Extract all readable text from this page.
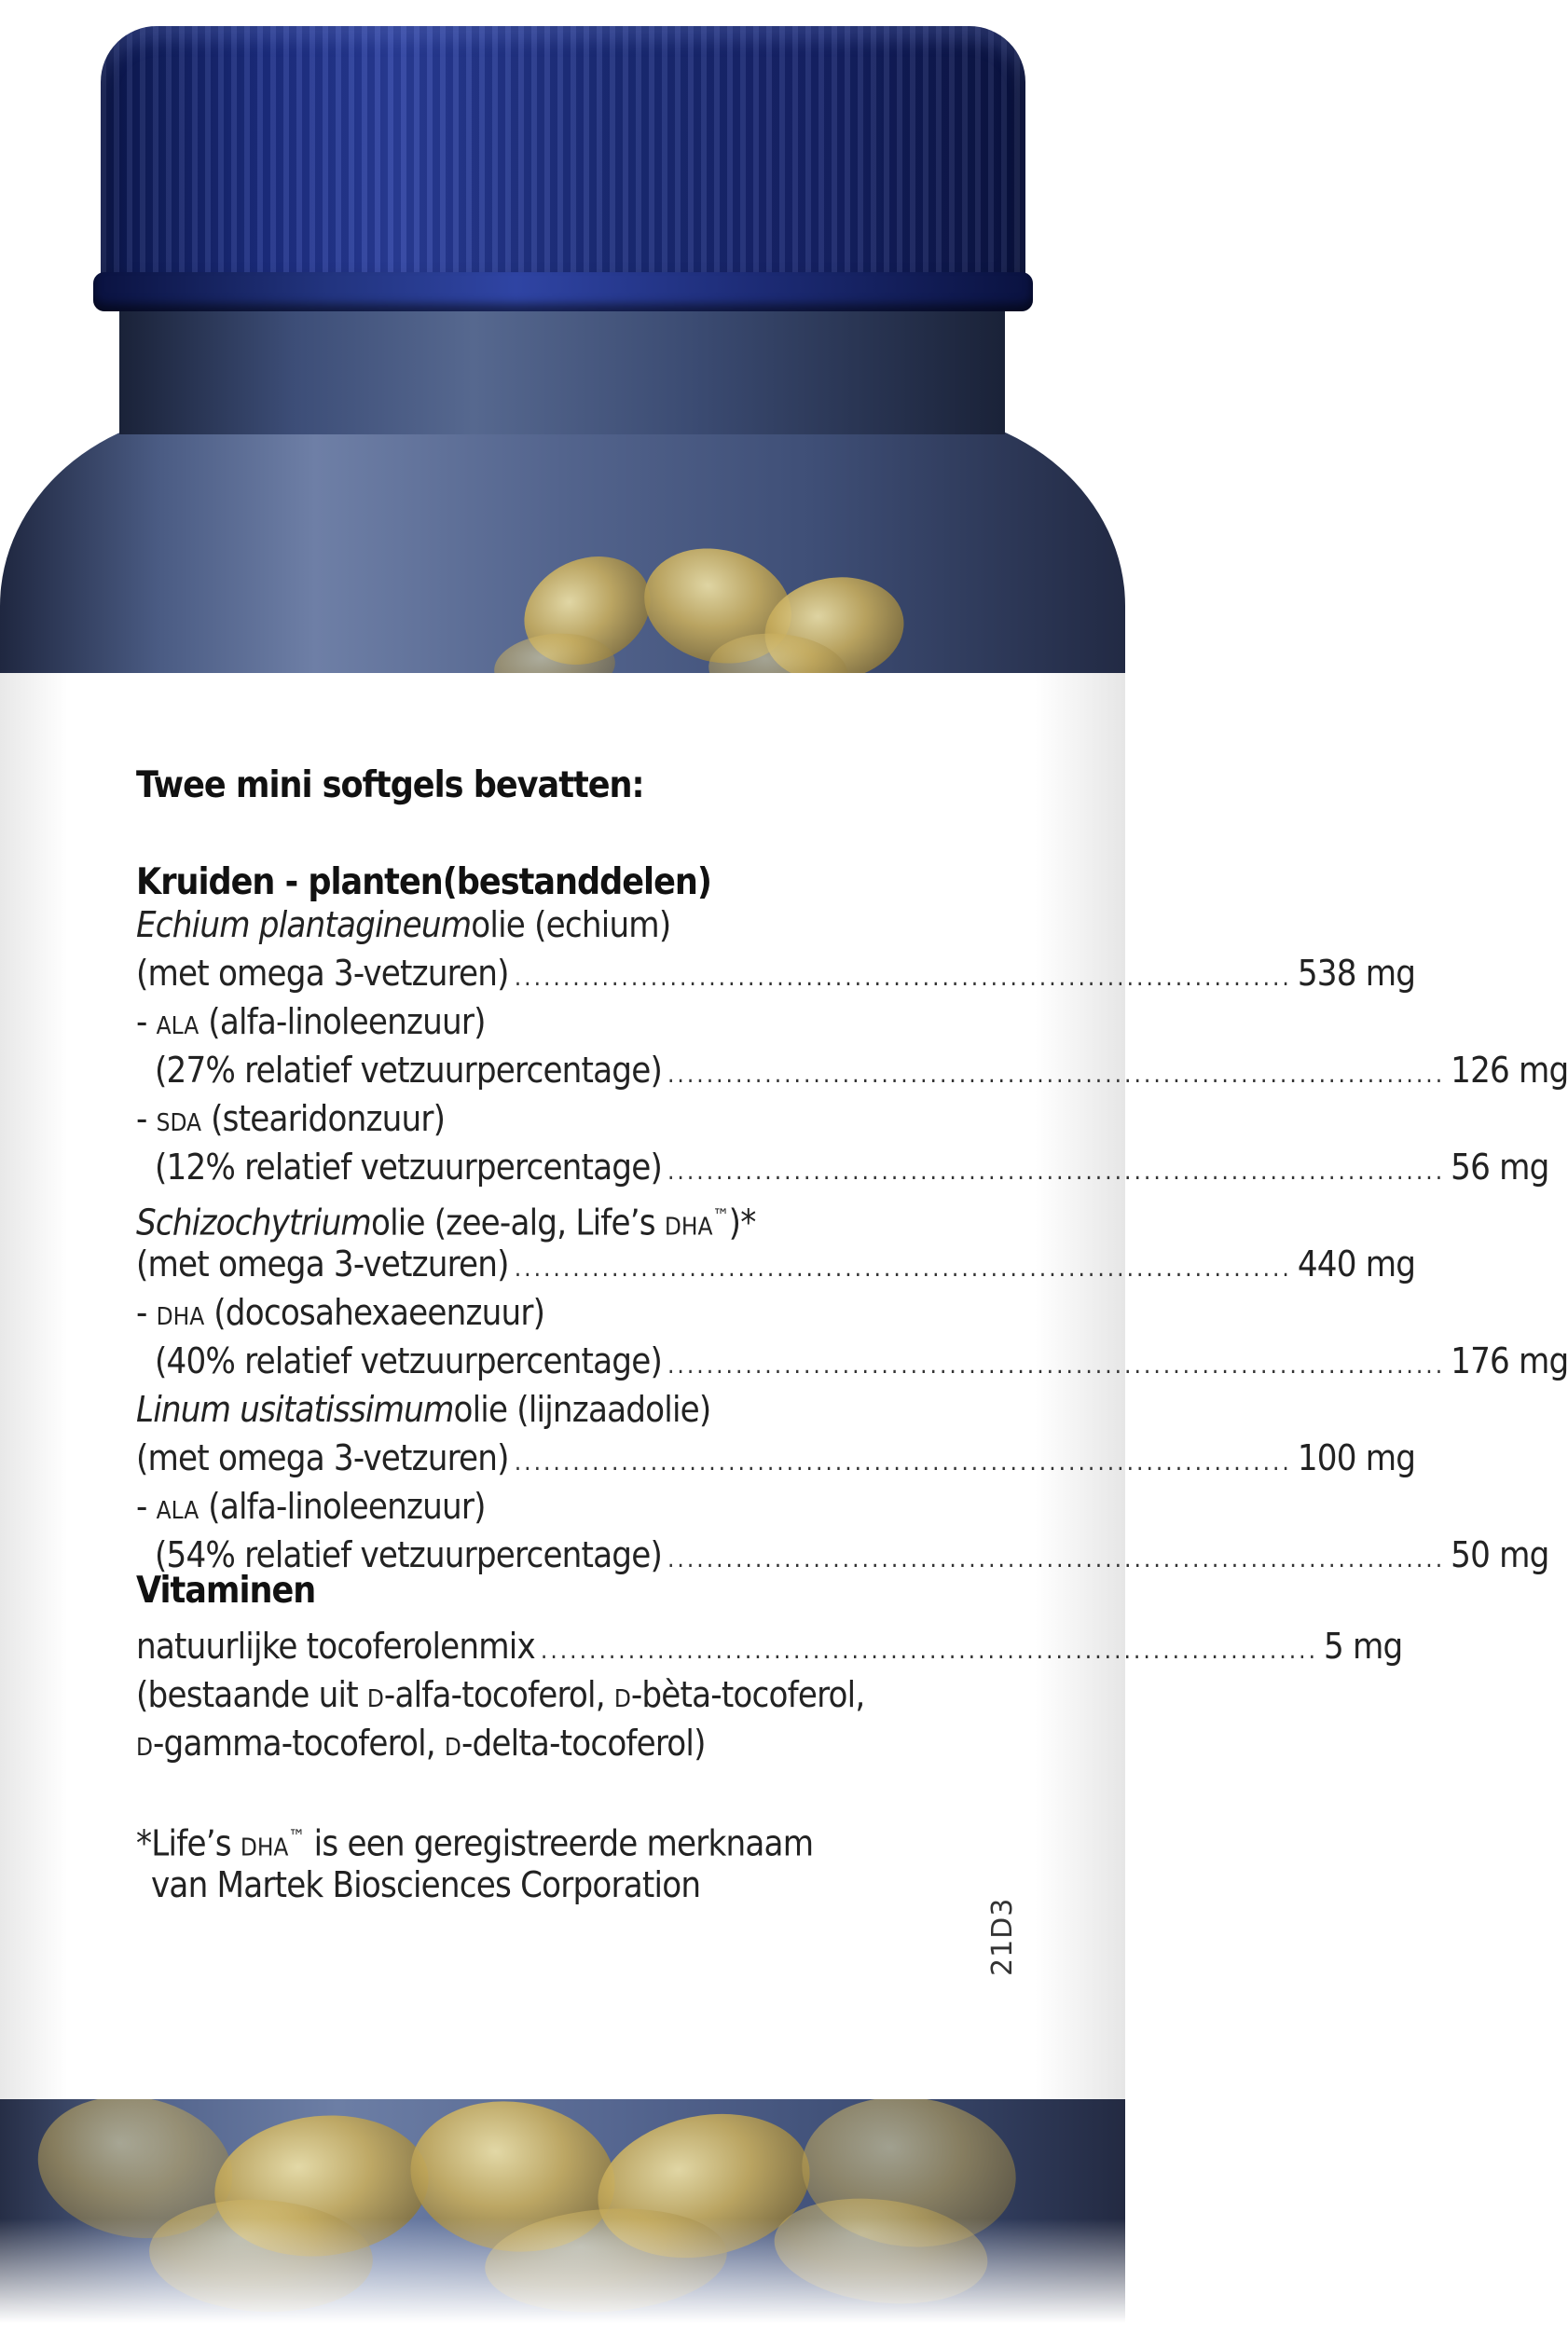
Twee mini softgels bevatten:
Kruiden - planten(bestanddelen)
Echium plantagineumolie (echium)
(met omega 3-vetzuren) ................................................................................ 538 mg
- ALA (alfa-linoleenzuur)
(27% relatief vetzuurpercentage) ................................................................................ 126 mg
- SDA (stearidonzuur)
(12% relatief vetzuurpercentage) ................................................................................ 56 mg
Schizochytriumolie (zee-alg, Life’s DHA™)*
(met omega 3-vetzuren) ................................................................................ 440 mg
- DHA (docosahexaeenzuur)
(40% relatief vetzuurpercentage) ................................................................................ 176 mg
Linum usitatissimumolie (lijnzaadolie)
(met omega 3-vetzuren) ................................................................................ 100 mg
- ALA (alfa-linoleenzuur)
(54% relatief vetzuurpercentage) ................................................................................ 50 mg
Vitaminen
natuurlijke tocoferolenmix ................................................................................ 5 mg
(bestaande uit D-alfa-tocoferol, D-bèta-tocoferol,
D-gamma-tocoferol, D-delta-tocoferol)
*Life’s DHA™ is een geregistreerde merknaam
van Martek Biosciences Corporation
21D3
